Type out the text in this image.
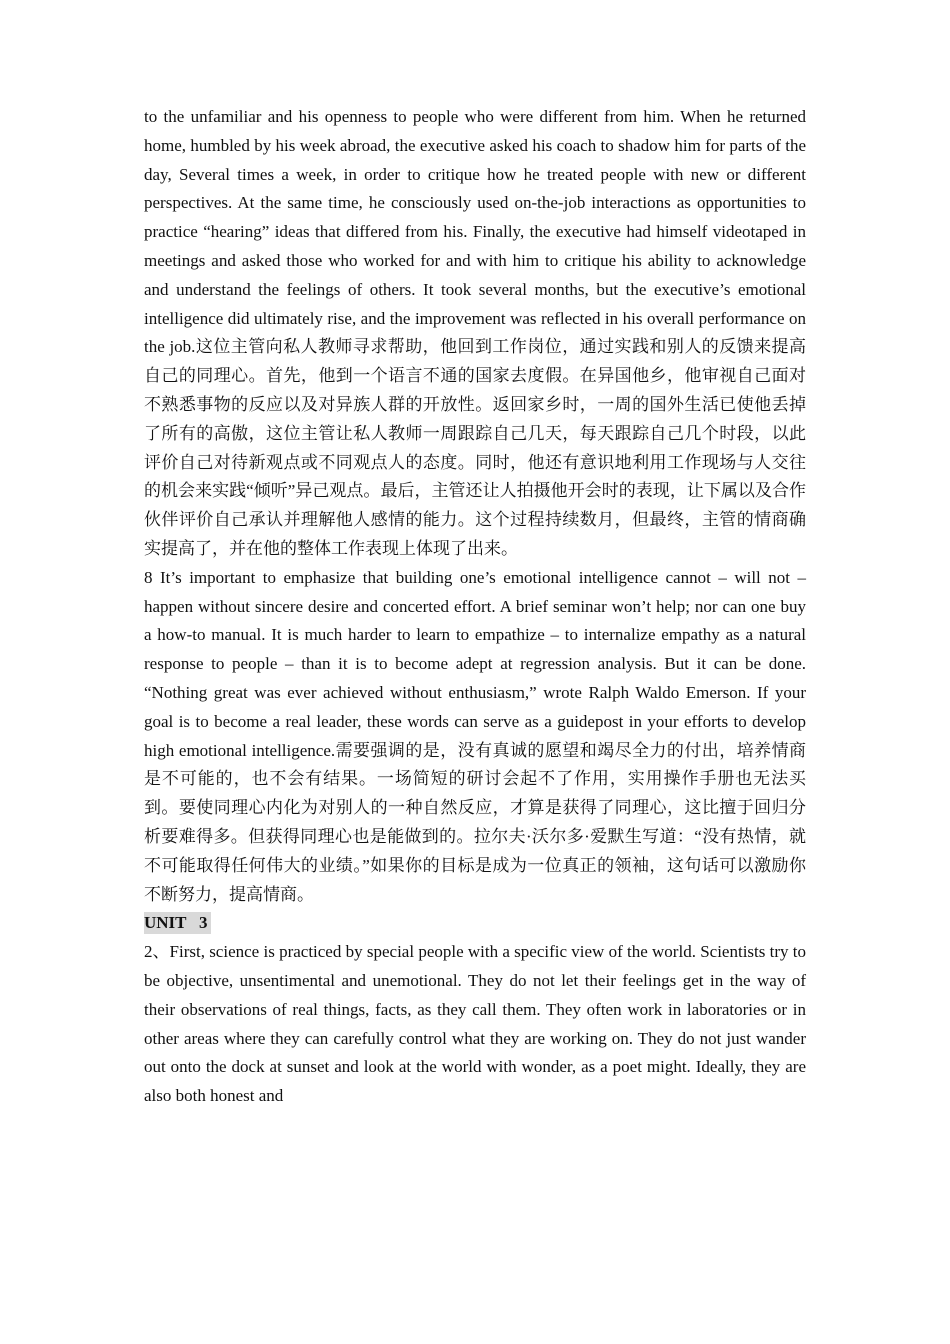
to the unfamiliar and his openness to people who were different from him. When he returned home, humbled by his week abroad, the executive asked his coach to shadow him for parts of the day, Several times a week, in order to critique how he treated people with new or different perspectives. At the same time, he consciously used on-the-job interactions as opportunities to practice “hearing” ideas that differed from his. Finally, the executive had himself videotaped in meetings and asked those who worked for and with him to critique his ability to acknowledge and understand the feelings of others. It took several months, but the executive’s emotional intelligence did ultimately rise, and the improvement was reflected in his overall performance on the job.这位主管向私人教师寻求帮助，他回到工作岗位，通过实践和别人的反馈来提高自己的同理心。首先，他到一个语言不通的国家去度假。在异国他乡，他审视自己面对不熟悉事物的反应以及对异族人群的开放性。返回家乡时，一周的国外生活已使他丢掉了所有的高傲，这位主管让私人教师一周跟踪自己几天，每天跟踪自己几个时段，以此评价自己对待新观点或不同观点人的态度。同时，他还有意识地利用工作现场与人交往的机会来实践“倾听”异己观点。最后，主管还让人拍摄他开会时的表现，让下属以及合作伙伴评价自己承认并理解他人感情的能力。这个过程持续数月，但最终，主管的情商确实提高了，并在他的整体工作表现上体现了出来。

8 It’s important to emphasize that building one’s emotional intelligence cannot – will not – happen without sincere desire and concerted effort. A brief seminar won’t help; nor can one buy a how-to manual. It is much harder to learn to empathize – to internalize empathy as a natural response to people – than it is to become adept at regression analysis. But it can be done. “Nothing great was ever achieved without enthusiasm,” wrote Ralph Waldo Emerson. If your goal is to become a real leader, these words can serve as a guidepost in your efforts to develop high emotional intelligence.需要强调的是，没有真诚的愿望和竭尽全力的付出，培养情商是不可能的，也不会有结果。一场简短的研讨会起不了作用，实用操作手册也无法买到。要使同理心内化为对别人的一种自然反应，才算是获得了同理心，这比擅于回归分析要难得多。但获得同理心也是能做到的。拉尔夫·沃尔多·爱默生写道：“没有热情，就不可能取得任何伟大的业绩。”如果你的目标是成为一位真正的领袖，这句话可以激励你不断努力，提高情商。

UNIT   3

2、First, science is practiced by special people with a specific view of the world. Scientists try to be objective, unsentimental and unemotional. They do not let their feelings get in the way of their observations of real things, facts, as they call them. They often work in laboratories or in other areas where they can carefully control what they are working on. They do not just wander out onto the dock at sunset and look at the world with wonder, as a poet might. Ideally, they are also both honest and
